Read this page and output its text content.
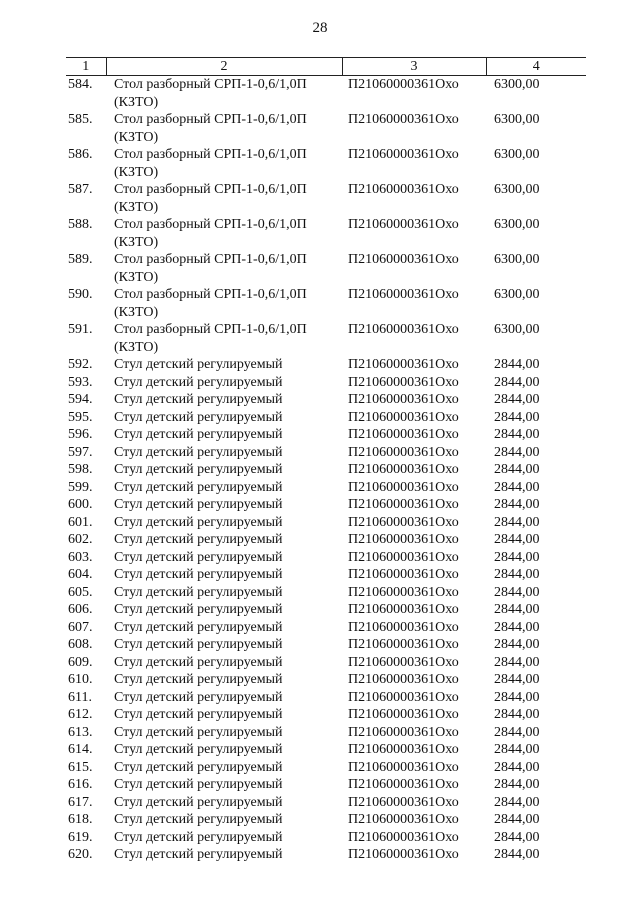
28
1	2	3	4
584.	Стол разборный СРП-1-0,6/1,0П (КЗТО)	П21060000361Охо	6300,00
585.	Стол разборный СРП-1-0,6/1,0П (КЗТО)	П21060000361Охо	6300,00
586.	Стол разборный СРП-1-0,6/1,0П (КЗТО)	П21060000361Охо	6300,00
587.	Стол разборный СРП-1-0,6/1,0П (КЗТО)	П21060000361Охо	6300,00
588.	Стол разборный СРП-1-0,6/1,0П (КЗТО)	П21060000361Охо	6300,00
589.	Стол разборный СРП-1-0,6/1,0П (КЗТО)	П21060000361Охо	6300,00
590.	Стол разборный СРП-1-0,6/1,0П (КЗТО)	П21060000361Охо	6300,00
591.	Стол разборный СРП-1-0,6/1,0П (КЗТО)	П21060000361Охо	6300,00
592.	Стул детский регулируемый	П21060000361Охо	2844,00
593.	Стул детский регулируемый	П21060000361Охо	2844,00
594.	Стул детский регулируемый	П21060000361Охо	2844,00
595.	Стул детский регулируемый	П21060000361Охо	2844,00
596.	Стул детский регулируемый	П21060000361Охо	2844,00
597.	Стул детский регулируемый	П21060000361Охо	2844,00
598.	Стул детский регулируемый	П21060000361Охо	2844,00
599.	Стул детский регулируемый	П21060000361Охо	2844,00
600.	Стул детский регулируемый	П21060000361Охо	2844,00
601.	Стул детский регулируемый	П21060000361Охо	2844,00
602.	Стул детский регулируемый	П21060000361Охо	2844,00
603.	Стул детский регулируемый	П21060000361Охо	2844,00
604.	Стул детский регулируемый	П21060000361Охо	2844,00
605.	Стул детский регулируемый	П21060000361Охо	2844,00
606.	Стул детский регулируемый	П21060000361Охо	2844,00
607.	Стул детский регулируемый	П21060000361Охо	2844,00
608.	Стул детский регулируемый	П21060000361Охо	2844,00
609.	Стул детский регулируемый	П21060000361Охо	2844,00
610.	Стул детский регулируемый	П21060000361Охо	2844,00
611.	Стул детский регулируемый	П21060000361Охо	2844,00
612.	Стул детский регулируемый	П21060000361Охо	2844,00
613.	Стул детский регулируемый	П21060000361Охо	2844,00
614.	Стул детский регулируемый	П21060000361Охо	2844,00
615.	Стул детский регулируемый	П21060000361Охо	2844,00
616.	Стул детский регулируемый	П21060000361Охо	2844,00
617.	Стул детский регулируемый	П21060000361Охо	2844,00
618.	Стул детский регулируемый	П21060000361Охо	2844,00
619.	Стул детский регулируемый	П21060000361Охо	2844,00
620.	Стул детский регулируемый	П21060000361Охо	2844,00
